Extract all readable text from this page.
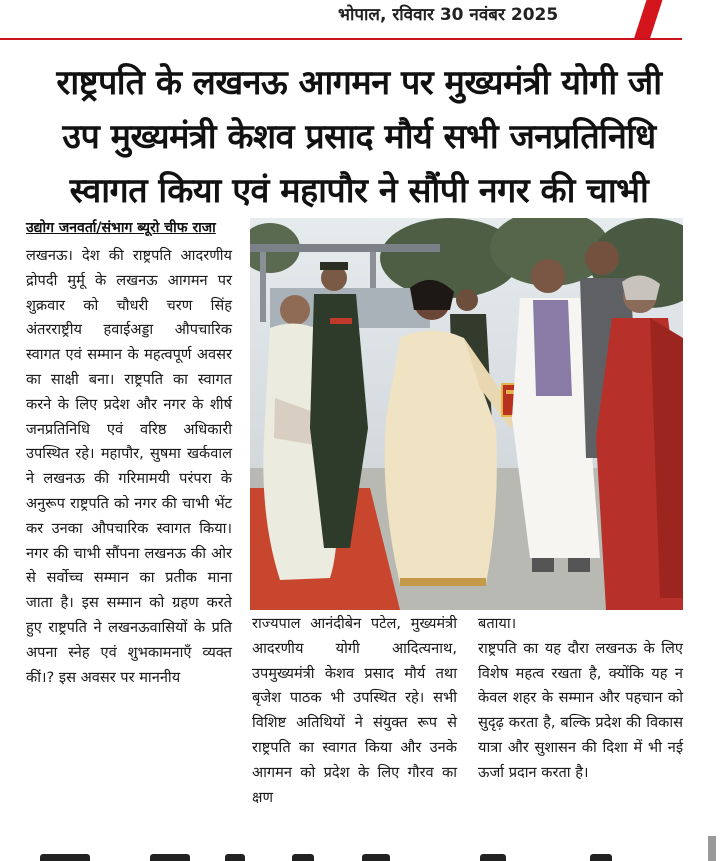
भोपाल, रविवार 30 नवंबर 2025
राष्ट्रपति के लखनऊ आगमन पर मुख्यमंत्री योगी जी
उप मुख्यमंत्री केशव प्रसाद मौर्य सभी जनप्रतिनिधि
स्वागत किया एवं महापौर ने सौंपी नगर की चाभी
उद्योग जनवर्ता/संभाग ब्यूरो चीफ राजा

लखनऊ। देश की राष्ट्रपति आदरणीय द्रोपदी मुर्मू के लखनऊ आगमन पर शुक्रवार को चौधरी चरण सिंह अंतरराष्ट्रीय हवाईअड्डा औपचारिक स्वागत एवं सम्मान के महत्वपूर्ण अवसर का साक्षी बना। राष्ट्रपति का स्वागत करने के लिए प्रदेश और नगर के शीर्ष जनप्रतिनिधि एवं वरिष्ठ अधिकारी उपस्थित रहे। महापौर, सुषमा खर्कवाल ने लखनऊ की गरिमामयी परंपरा के अनुरूप राष्ट्रपति को नगर की चाभी भेंट कर उनका औपचारिक स्वागत किया। नगर की चाभी सौंपना लखनऊ की ओर से सर्वोच्च सम्मान का प्रतीक माना जाता है। इस सम्मान को ग्रहण करते हुए राष्ट्रपति ने लखनऊवासियों के प्रति अपना स्नेह एवं शुभकामनाएँ व्यक्त कीं।? इस अवसर पर माननीय

राज्यपाल आनंदीबेन पटेल, मुख्यमंत्री आदरणीय योगी आदित्यनाथ, उपमुख्यमंत्री केशव प्रसाद मौर्य तथा बृजेश पाठक भी उपस्थित रहे। सभी विशिष्ट अतिथियों ने संयुक्त रूप से राष्ट्रपति का स्वागत किया और उनके आगमन को प्रदेश के लिए गौरव का क्षण

बताया।

राष्ट्रपति का यह दौरा लखनऊ के लिए विशेष महत्व रखता है, क्योंकि यह न केवल शहर के सम्मान और पहचान को सुदृढ़ करता है, बल्कि प्रदेश की विकास यात्रा और सुशासन की दिशा में भी नई ऊर्जा प्रदान करता है।
